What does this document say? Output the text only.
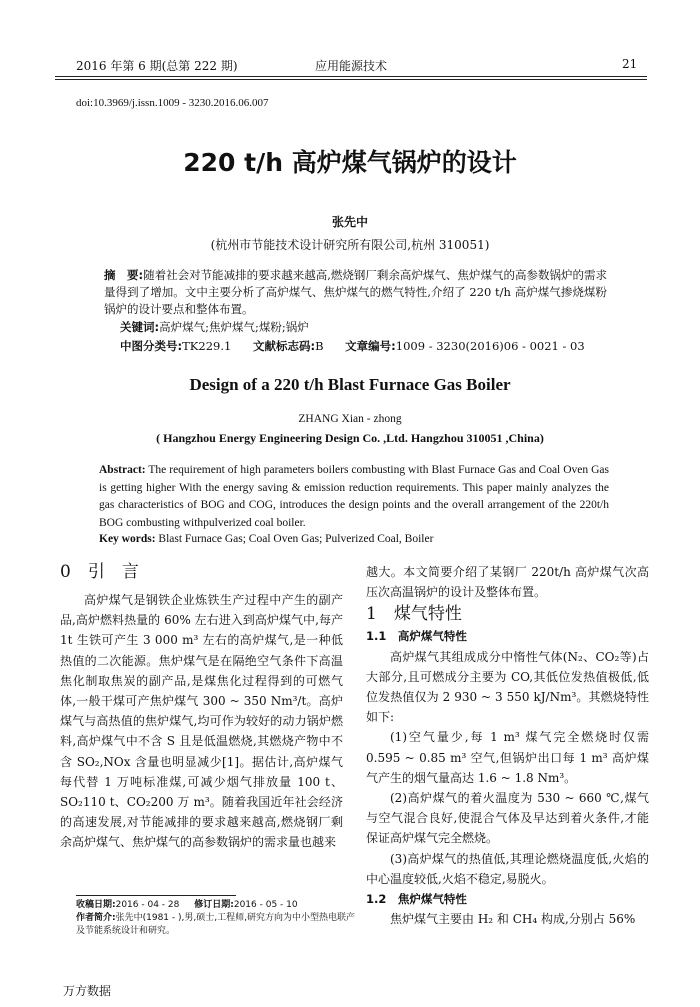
2016 年第 6 期(总第 222 期)	应用能源技术	21
doi:10.3969/j.issn.1009 - 3230.2016.06.007
220 t/h 高炉煤气锅炉的设计
张先中
(杭州市节能技术设计研究所有限公司,杭州 310051)
摘　要:随着社会对节能减排的要求越来越高,燃烧钢厂剩余高炉煤气、焦炉煤气的高参数锅炉的需求量得到了增加。文中主要分析了高炉煤气、焦炉煤气的燃气特性,介绍了 220 t/h 高炉煤气掺烧煤粉锅炉的设计要点和整体布置。
关键词:高炉煤气;焦炉煤气;煤粉;锅炉
中图分类号:TK229.1 文献标志码:B 文章编号:1009 - 3230(2016)06 - 0021 - 03
Design of a 220 t/h Blast Furnace Gas Boiler
ZHANG Xian - zhong
( Hangzhou Energy Engineering Design Co. ,Ltd. Hangzhou 310051 ,China)
Abstract: The requirement of high parameters boilers combusting with Blast Furnace Gas and Coal Oven Gas is getting higher With the energy saving & emission reduction requirements. This paper mainly analyzes the gas characteristics of BOG and COG, introduces the design points and the overall arrangement of the 220t/h BOG combusting withpulverized coal boiler.
Key words: Blast Furnace Gas; Coal Oven Gas; Pulverized Coal, Boiler
0　引　言
高炉煤气是钢铁企业炼铁生产过程中产生的副产品,高炉燃料热量的 60% 左右进入到高炉煤气中,每产 1t 生铁可产生 3 000 m³ 左右的高炉煤气,是一种低热值的二次能源。焦炉煤气是在隔绝空气条件下高温焦化制取焦炭的副产品,是煤焦化过程得到的可燃气体,一般干煤可产焦炉煤气 300 ~ 350 Nm³/t。高炉煤气与高热值的焦炉煤气,均可作为较好的动力锅炉燃料,高炉煤气中不含 S 且是低温燃烧,其燃烧产物中不含 SO₂,NOx 含量也明显减少[1]。据估计,高炉煤气每代替 1 万吨标准煤,可减少烟气排放量 100 t、SO₂110 t、CO₂200 万 m³。随着我国近年社会经济的高速发展,对节能减排的要求越来越高,燃烧钢厂剩余高炉煤气、焦炉煤气的高参数锅炉的需求量也越来
越大。本文简要介绍了某钢厂 220t/h 高炉煤气次高压次高温锅炉的设计及整体布置。
1　煤气特性
1.1　高炉煤气特性
高炉煤气其组成成分中惰性气体(N₂、CO₂等)占大部分,且可燃成分主要为 CO,其低位发热值极低,低位发热值仅为 2 930 ~ 3 550 kJ/Nm³。其燃烧特性如下:
(1)空气量少,每 1 m³ 煤气完全燃烧时仅需 0.595 ~ 0.85 m³ 空气,但锅炉出口每 1 m³ 高炉煤气产生的烟气量高达 1.6 ~ 1.8 Nm³。
(2)高炉煤气的着火温度为 530 ~ 660 ℃,煤气与空气混合良好,使混合气体及早达到着火条件,才能保证高炉煤气完全燃烧。
(3)高炉煤气的热值低,其理论燃烧温度低,火焰的中心温度较低,火焰不稳定,易脱火。
1.2　焦炉煤气特性
焦炉煤气主要由 H₂ 和 CH₄ 构成,分别占 56%
收稿日期:2016 - 04 - 28 修订日期:2016 - 05 - 10
作者简介:张先中(1981 - ),男,硕士,工程师,研究方向为中小型热电联产及节能系统设计和研究。
万方数据
